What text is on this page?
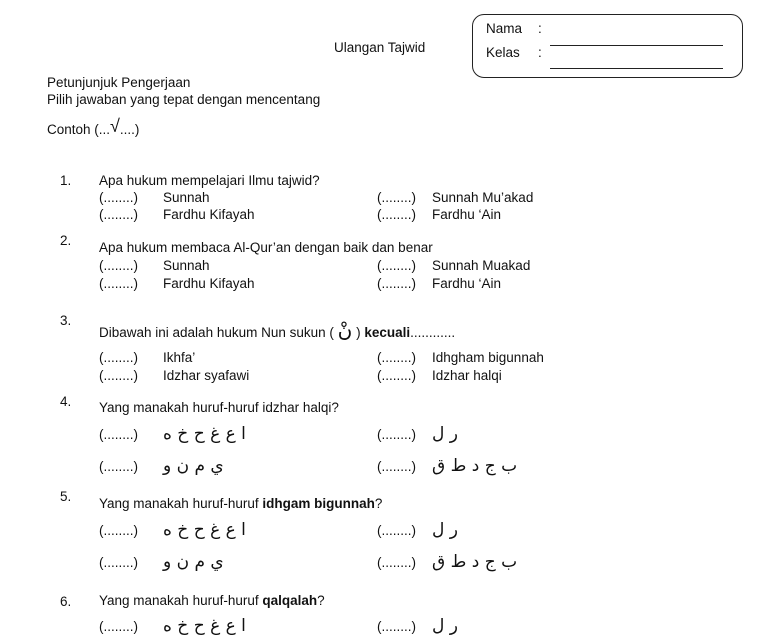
Nama :
Kelas :
Ulangan Tajwid
Petunjunjuk Pengerjaan
Pilih jawaban yang tepat dengan mencentang
Contoh (...√....)
1. Apa hukum mempelajari Ilmu tajwid?
(........) Sunnah	(........) Sunnah Mu’akad
(........) Fardhu Kifayah	(........) Fardhu ‘Ain
2. Apa hukum membaca Al-Qur’an dengan baik dan benar
(........) Sunnah	(........) Sunnah Muakad
(........) Fardhu Kifayah	(........) Fardhu ‘Ain
3.
Dibawah ini adalah hukum Nun sukun ( نْ ) kecuali............
(........) Ikhfa’	(........) Idhgham bigunnah
(........) Idzhar syafawi	(........) Idzhar halqi
4. Yang manakah huruf-huruf idzhar halqi?
(........) ا ع غ ح خ ه	(........) ر ل
(........) ي م ن و	(........) ب ج د ط ق
5. Yang manakah huruf-huruf idhgam bigunnah?
(........) ا ع غ ح خ ه	(........) ر ل
(........) ي م ن و	(........) ب ج د ط ق
6. Yang manakah huruf-huruf qalqalah?
(........) ا ع غ ح خ ه	(........) ر ل
